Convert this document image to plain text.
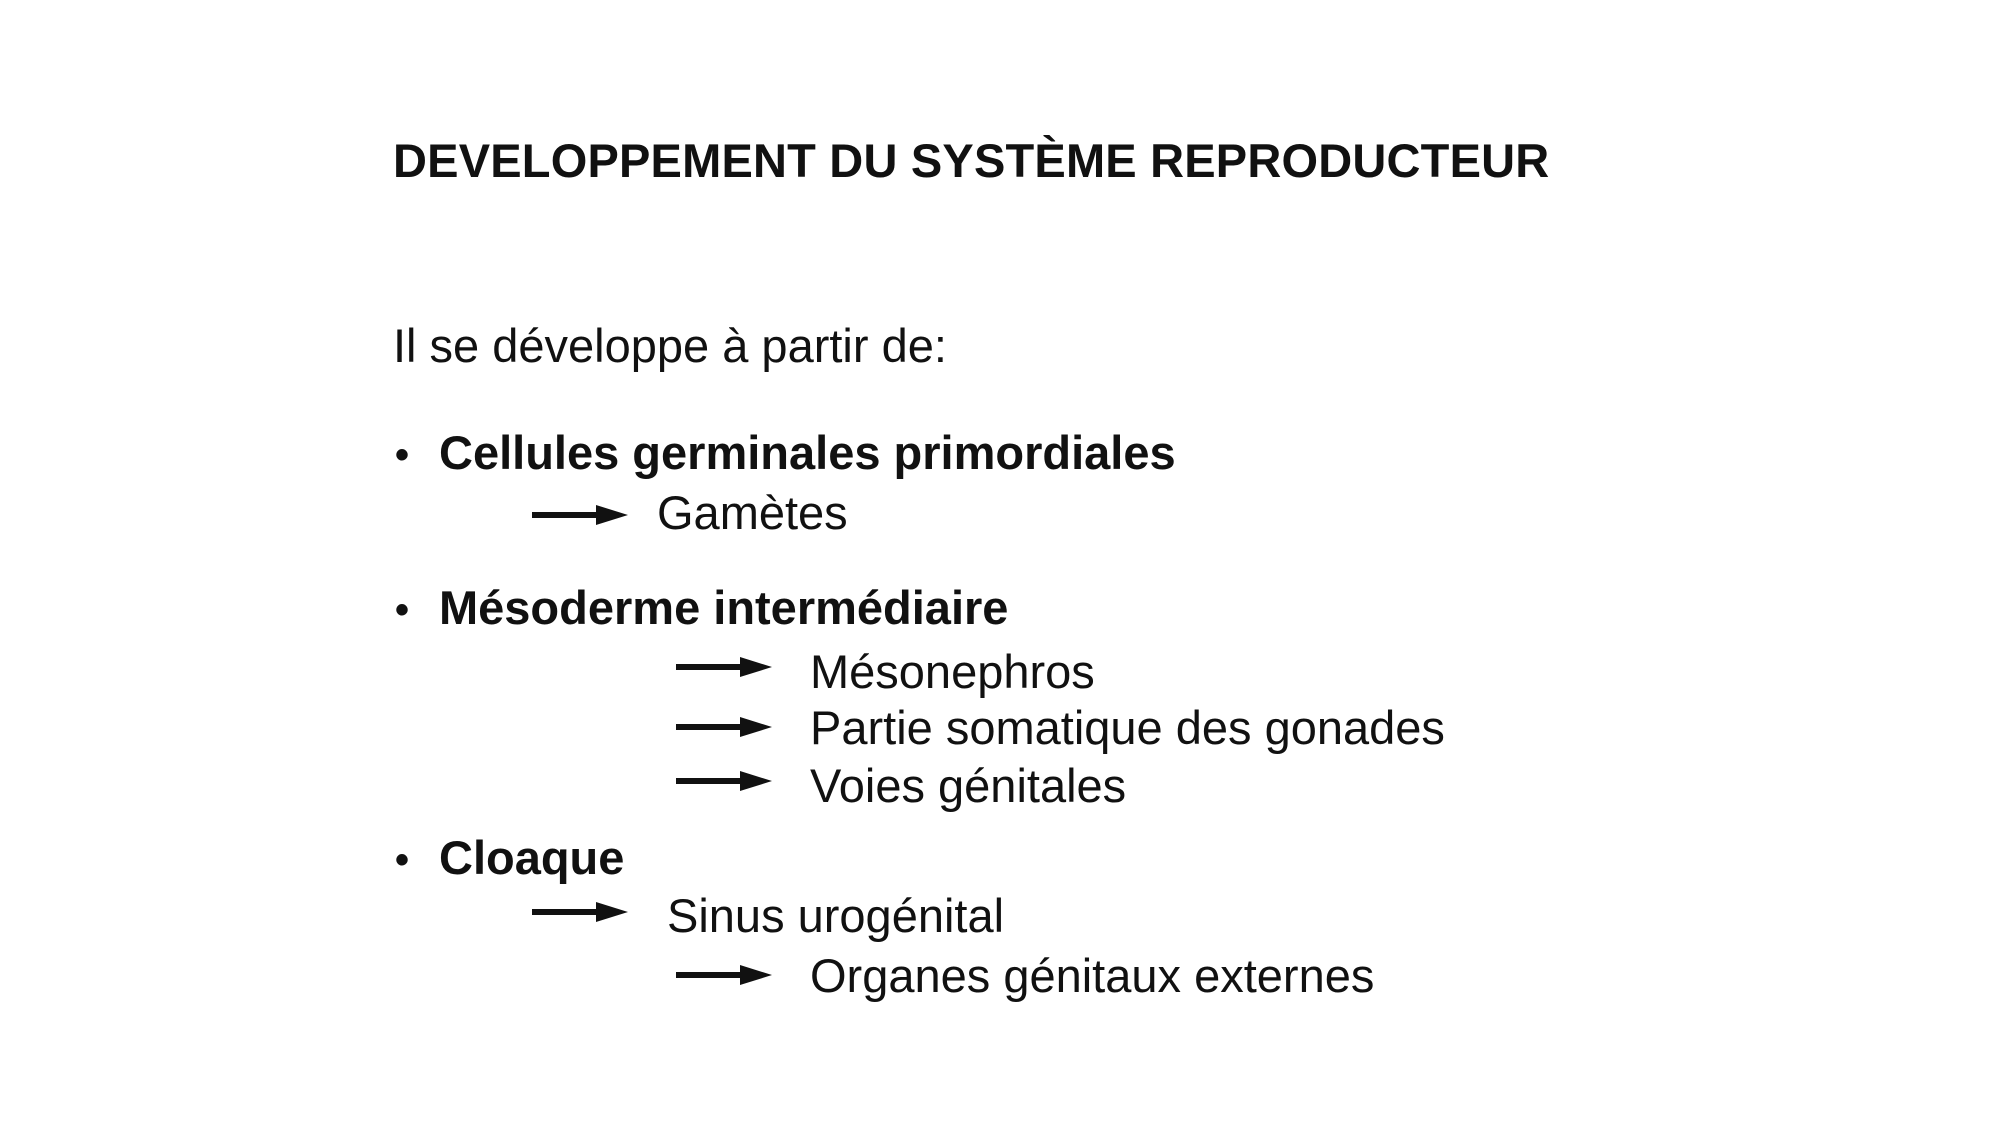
DEVELOPPEMENT DU SYSTÈME REPRODUCTEUR
Il se développe à partir de:
• Cellules germinales primordiales
Gamètes
• Mésoderme intermédiaire
Mésonephros
Partie somatique des gonades
Voies génitales
• Cloaque
Sinus urogénital
Organes génitaux externes
